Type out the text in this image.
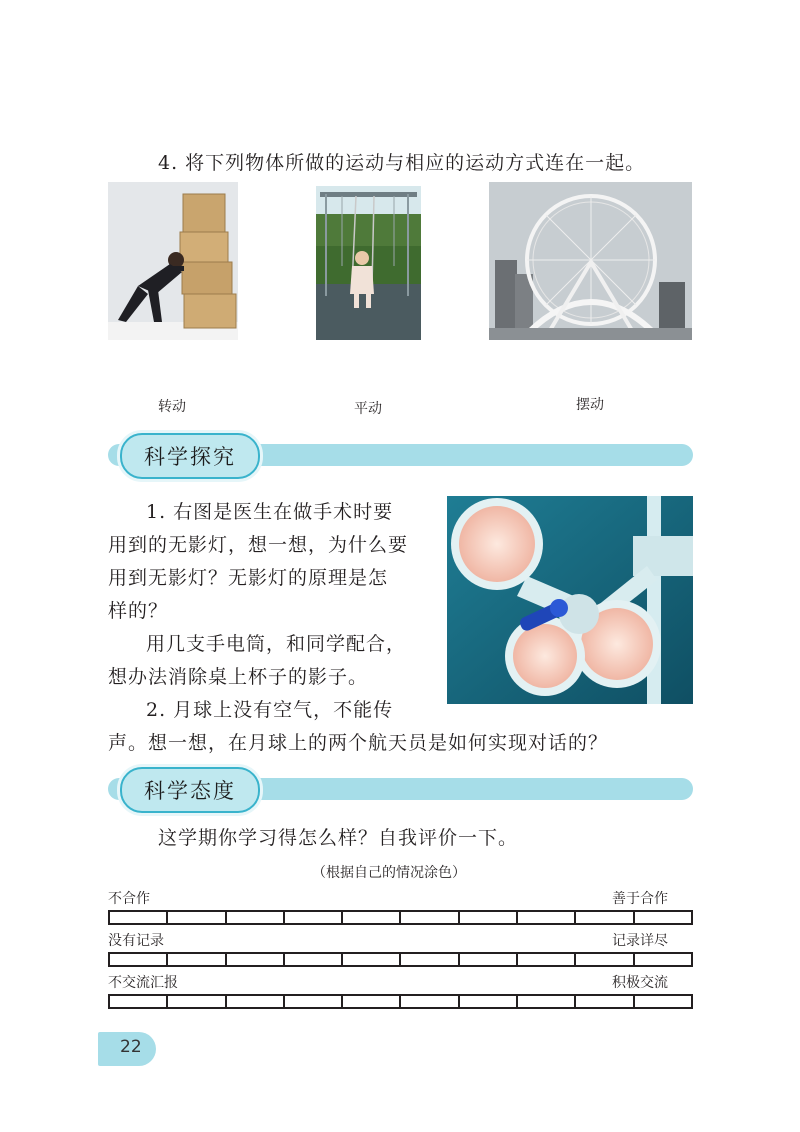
4. 将下列物体所做的运动与相应的运动方式连在一起。
转动	平动	摆动
科学探究
1. 右图是医生在做手术时要
用到的无影灯，想一想，为什么要
用到无影灯？无影灯的原理是怎
样的？
用几支手电筒，和同学配合，
想办法消除桌上杯子的影子。
2. 月球上没有空气，不能传
声。想一想，在月球上的两个航天员是如何实现对话的？
科学态度
这学期你学习得怎么样？自我评价一下。
（根据自己的情况涂色）
不合作	善于合作
没有记录	记录详尽
不交流汇报	积极交流
22
